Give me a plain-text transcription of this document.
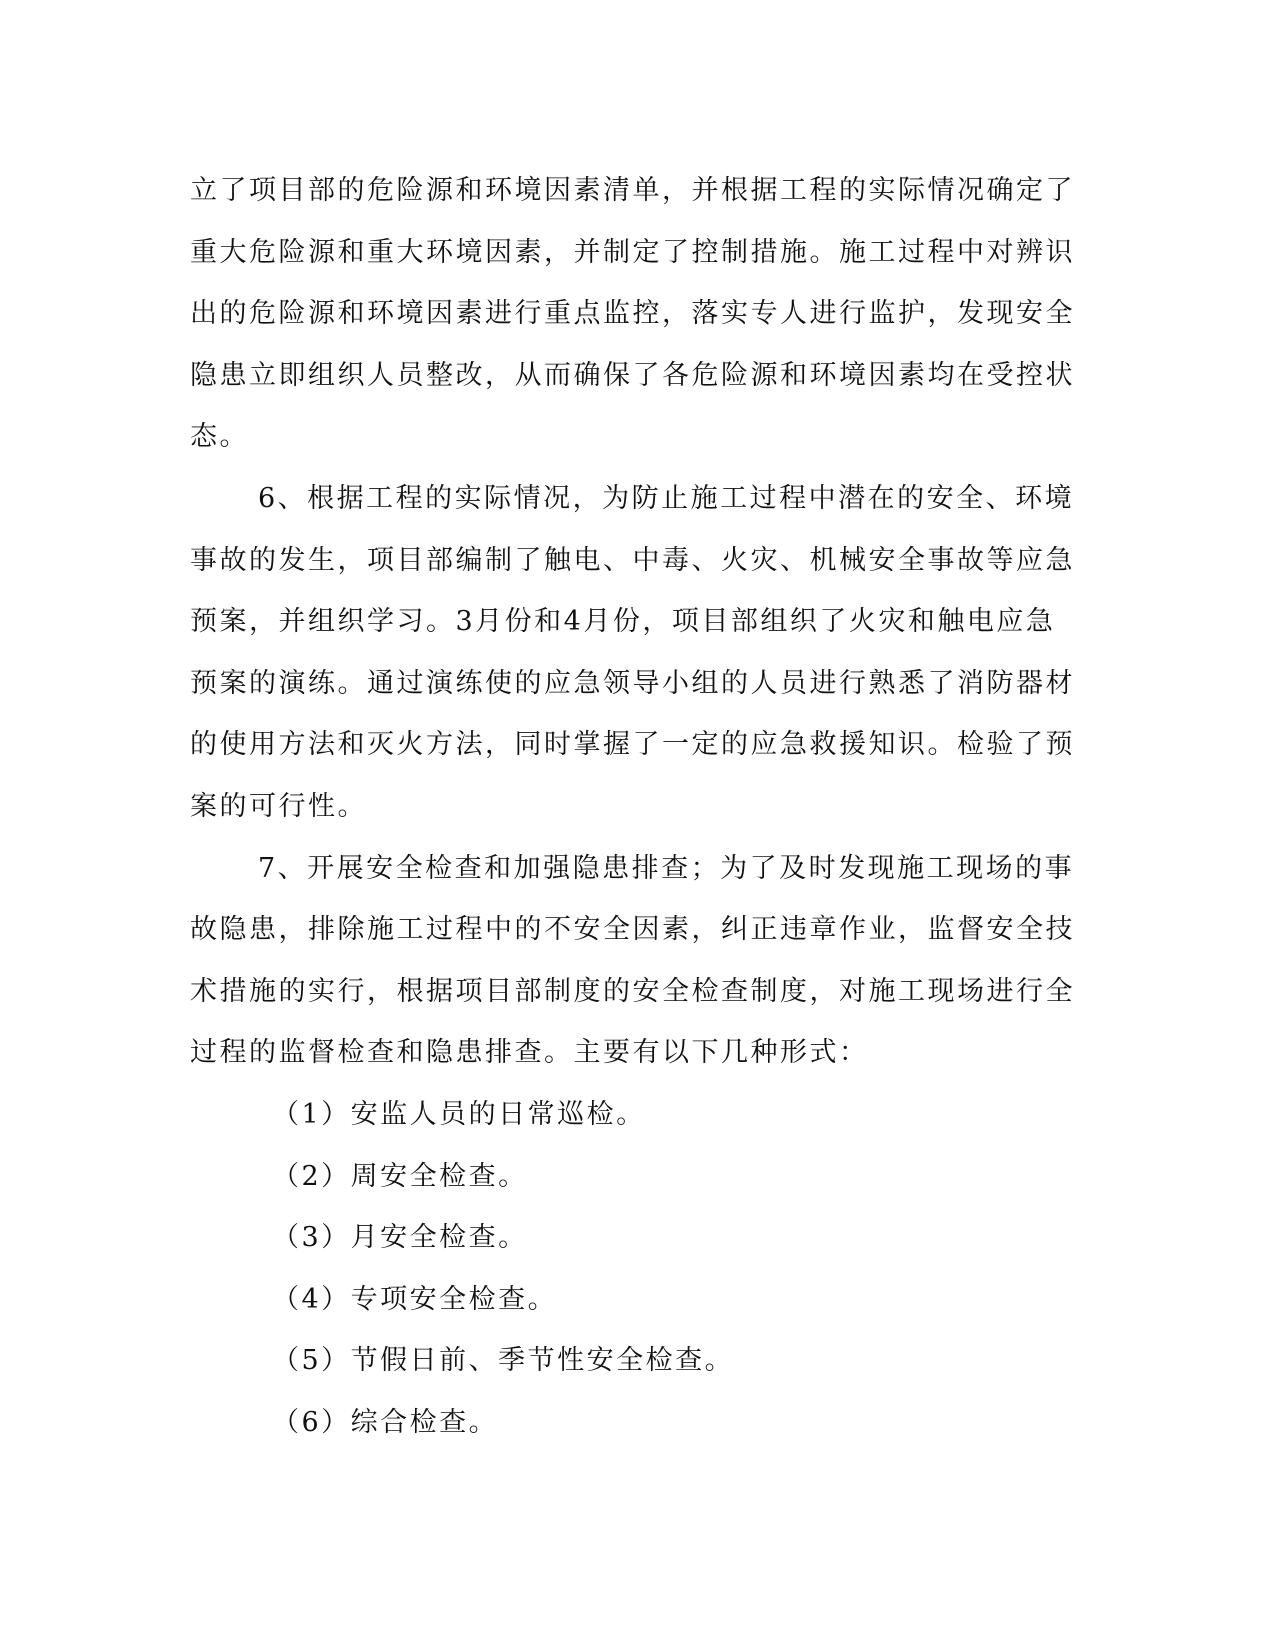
立了项目部的危险源和环境因素清单，并根据工程的实际情况确定了重大危险源和重大环境因素，并制定了控制措施。施工过程中对辨识出的危险源和环境因素进行重点监控，落实专人进行监护，发现安全隐患立即组织人员整改，从而确保了各危险源和环境因素均在受控状态。

6、根据工程的实际情况，为防止施工过程中潜在的安全、环境事故的发生，项目部编制了触电、中毒、火灾、机械安全事故等应急预案，并组织学习。3月份和4月份，项目部组织了火灾和触电应急预案的演练。通过演练使的应急领导小组的人员进行熟悉了消防器材的使用方法和灭火方法，同时掌握了一定的应急救援知识。检验了预案的可行性。

7、开展安全检查和加强隐患排查；为了及时发现施工现场的事故隐患，排除施工过程中的不安全因素，纠正违章作业，监督安全技术措施的实行，根据项目部制度的安全检查制度，对施工现场进行全过程的监督检查和隐患排查。主要有以下几种形式：

（1）安监人员的日常巡检。

（2）周安全检查。

（3）月安全检查。

（4）专项安全检查。

（5）节假日前、季节性安全检查。

（6）综合检查。
